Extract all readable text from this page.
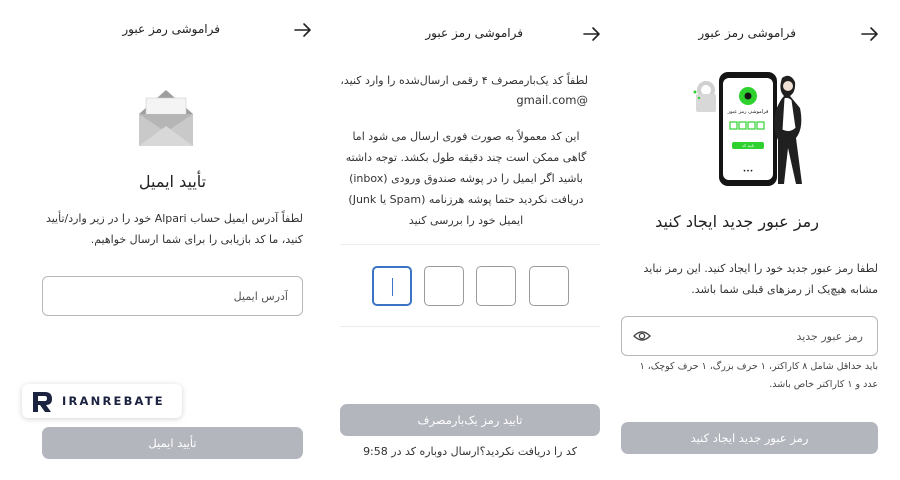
فراموشی رمز عبور
تأیید ایمیل
لطفاً آدرس ایمیل حساب Alpari خود را در زیر وارد/تأیید کنید، ما کد بازیابی را برای شما ارسال خواهیم.
آدرس ایمیل
تأیید ایمیل
IRANREBATE
فراموشی رمز عبور
لطفاً کد یک‌بارمصرف ۴ رقمی ارسال‌شده را وارد کنید،
@gmail.com
این کد معمولاً به صورت فوری ارسال می شود اما گاهی ممکن است چند دقیقه طول بکشد. توجه داشته باشید اگر ایمیل را در پوشه صندوق ورودی (inbox) دریافت نکردید حتما پوشه هرزنامه (Spam یا Junk) ایمیل خود را بررسی کنید
تایید رمز یک‌بارمصرف
کد را دریافت نکردید؟ارسال دوباره کد در 9:58
فراموشی رمز عبور
فراموشی رمز عبور
تایید کد
•••
رمز عبور جدید ایجاد کنید
لطفا رمز عبور جدید خود را ایجاد کنید. این رمز نباید مشابه هیچ‌یک از رمزهای قبلی شما باشد.
باید حداقل شامل ۸ کاراکتر، ۱ حرف بزرگ، ۱ حرف کوچک، ۱
عدد و ۱ کاراکتر خاص باشد.
رمز عبور جدید ایجاد کنید
